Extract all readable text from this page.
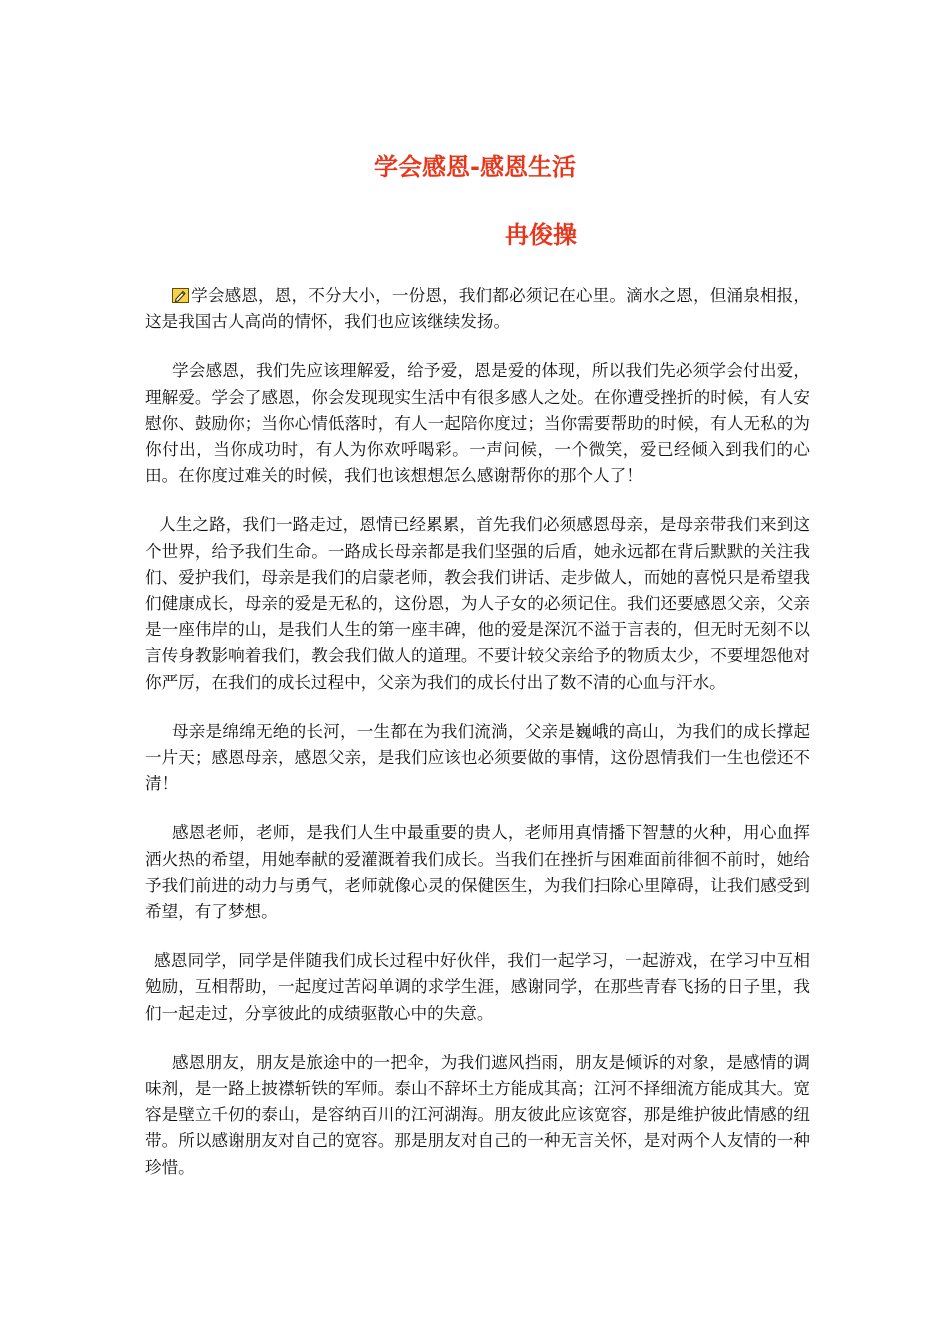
学会感恩-感恩生活
冉俊操

学会感恩，恩，不分大小，一份恩，我们都必须记在心里。滴水之恩，但涌泉相报，这是我国古人高尚的情怀，我们也应该继续发扬。

学会感恩，我们先应该理解爱，给予爱，恩是爱的体现，所以我们先必须学会付出爱，理解爱。学会了感恩，你会发现现实生活中有很多感人之处。在你遭受挫折的时候，有人安慰你、鼓励你；当你心情低落时，有人一起陪你度过；当你需要帮助的时候，有人无私的为你付出，当你成功时，有人为你欢呼喝彩。一声问候，一个微笑，爱已经倾入到我们的心田。在你度过难关的时候，我们也该想想怎么感谢帮你的那个人了！

人生之路，我们一路走过，恩情已经累累，首先我们必须感恩母亲，是母亲带我们来到这个世界，给予我们生命。一路成长母亲都是我们坚强的后盾，她永远都在背后默默的关注我们、爱护我们，母亲是我们的启蒙老师，教会我们讲话、走步做人，而她的喜悦只是希望我们健康成长，母亲的爱是无私的，这份恩，为人子女的必须记住。我们还要感恩父亲，父亲是一座伟岸的山，是我们人生的第一座丰碑，他的爱是深沉不溢于言表的，但无时无刻不以言传身教影响着我们，教会我们做人的道理。不要计较父亲给予的物质太少，不要埋怨他对你严厉，在我们的成长过程中，父亲为我们的成长付出了数不清的心血与汗水。

母亲是绵绵无绝的长河，一生都在为我们流淌，父亲是巍峨的高山，为我们的成长撑起一片天；感恩母亲，感恩父亲，是我们应该也必须要做的事情，这份恩情我们一生也偿还不清！

感恩老师，老师，是我们人生中最重要的贵人，老师用真情播下智慧的火种，用心血挥洒火热的希望，用她奉献的爱灌溉着我们成长。当我们在挫折与困难面前徘徊不前时，她给予我们前进的动力与勇气，老师就像心灵的保健医生，为我们扫除心里障碍，让我们感受到希望，有了梦想。

感恩同学，同学是伴随我们成长过程中好伙伴，我们一起学习，一起游戏，在学习中互相勉励，互相帮助，一起度过苦闷单调的求学生涯，感谢同学，在那些青春飞扬的日子里，我们一起走过，分享彼此的成绩驱散心中的失意。

感恩朋友，朋友是旅途中的一把伞，为我们遮风挡雨，朋友是倾诉的对象，是感情的调味剂，是一路上披襟斩铁的军师。泰山不辞坏土方能成其高；江河不择细流方能成其大。宽容是壁立千仞的泰山，是容纳百川的江河湖海。朋友彼此应该宽容，那是维护彼此情感的纽带。所以感谢朋友对自己的宽容。那是朋友对自己的一种无言关怀，是对两个人友情的一种珍惜。
